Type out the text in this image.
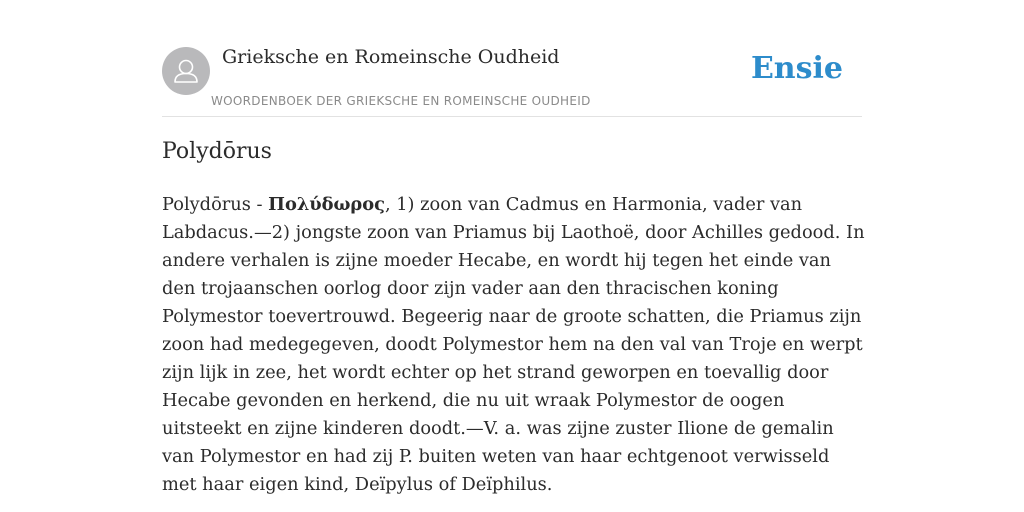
Grieksche en Romeinsche Oudheid
WOORDENBOEK DER GRIEKSCHE EN ROMEINSCHE OUDHEID
Ensie
Polydōrus

Polydōrus - Πολύδωρος, 1) zoon van Cadmus en Harmonia, vader van Labdacus.—2) jongste zoon van Priamus bij Laothoë, door Achilles gedood. In andere verhalen is zijne moeder Hecabe, en wordt hij tegen het einde van den trojaanschen oorlog door zijn vader aan den thracischen koning Polymestor toevertrouwd. Begeerig naar de groote schatten, die Priamus zijn zoon had medegegeven, doodt Polymestor hem na den val van Troje en werpt zijn lijk in zee, het wordt echter op het strand geworpen en toevallig door Hecabe gevonden en herkend, die nu uit wraak Polymestor de oogen uitsteekt en zijne kinderen doodt.—V. a. was zijne zuster Ilione de gemalin van Polymestor en had zij P. buiten weten van haar echtgenoot verwisseld met haar eigen kind, Deïpylus of Deïphilus.
